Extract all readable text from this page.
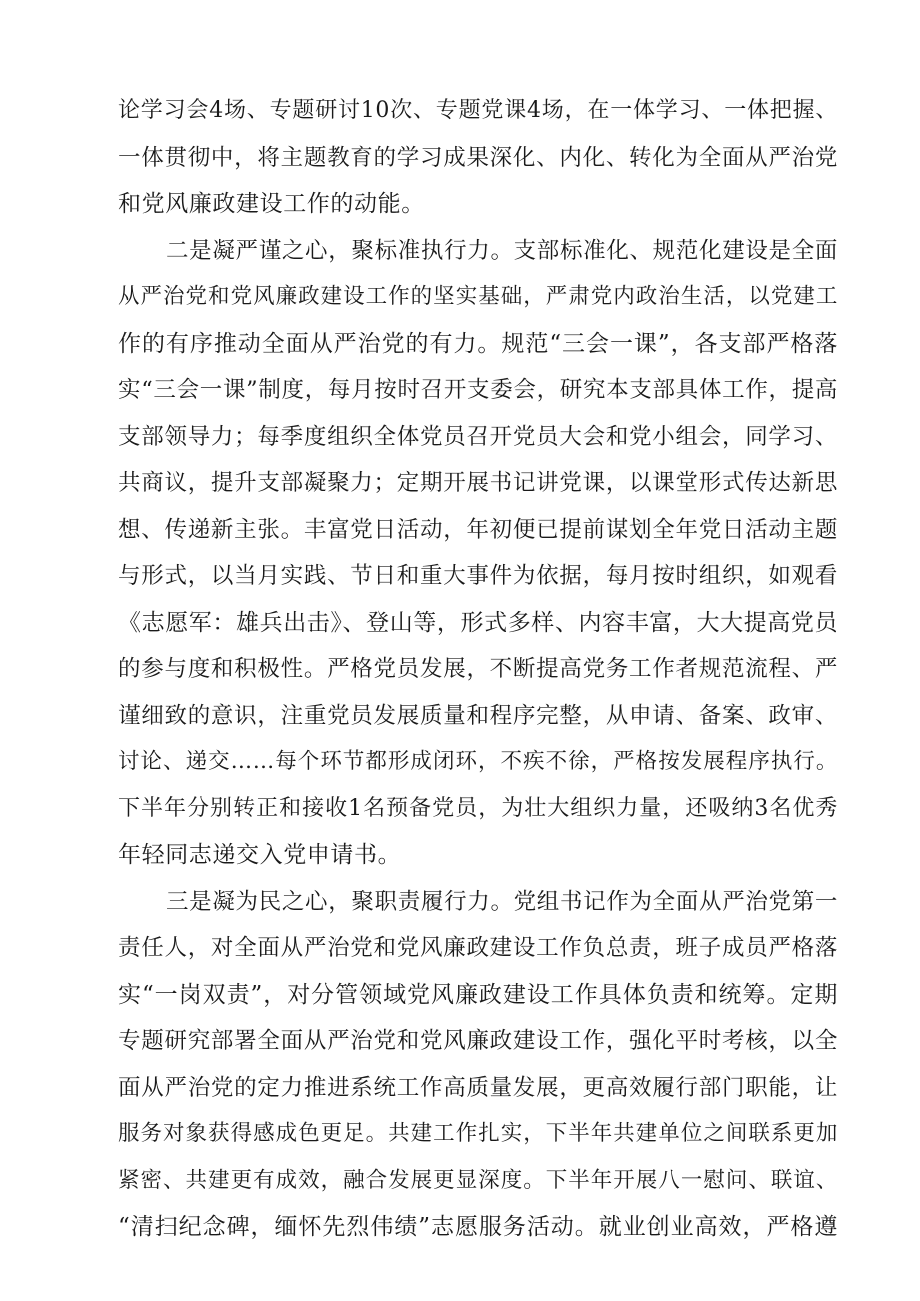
论学习会4场、专题研讨10次、专题党课4场，在一体学习、一体把握、
一体贯彻中，将主题教育的学习成果深化、内化、转化为全面从严治党
和党风廉政建设工作的动能。
二是凝严谨之心，聚标准执行力。支部标准化、规范化建设是全面
从严治党和党风廉政建设工作的坚实基础，严肃党内政治生活，以党建工
作的有序推动全面从严治党的有力。规范“三会一课”，各支部严格落
实“三会一课”制度，每月按时召开支委会，研究本支部具体工作，提高
支部领导力；每季度组织全体党员召开党员大会和党小组会，同学习、
共商议，提升支部凝聚力；定期开展书记讲党课，以课堂形式传达新思
想、传递新主张。丰富党日活动，年初便已提前谋划全年党日活动主题
与形式，以当月实践、节日和重大事件为依据，每月按时组织，如观看
《志愿军：雄兵出击》、登山等，形式多样、内容丰富，大大提高党员
的参与度和积极性。严格党员发展，不断提高党务工作者规范流程、严
谨细致的意识，注重党员发展质量和程序完整，从申请、备案、政审、
讨论、递交……每个环节都形成闭环，不疾不徐，严格按发展程序执行。
下半年分别转正和接收1名预备党员，为壮大组织力量，还吸纳3名优秀
年轻同志递交入党申请书。
三是凝为民之心，聚职责履行力。党组书记作为全面从严治党第一
责任人，对全面从严治党和党风廉政建设工作负总责，班子成员严格落
实“一岗双责”，对分管领域党风廉政建设工作具体负责和统筹。定期
专题研究部署全面从严治党和党风廉政建设工作，强化平时考核，以全
面从严治党的定力推进系统工作高质量发展，更高效履行部门职能，让
服务对象获得感成色更足。共建工作扎实，下半年共建单位之间联系更加
紧密、共建更有成效，融合发展更显深度。下半年开展八一慰问、联谊、
“清扫纪念碑，缅怀先烈伟绩”志愿服务活动。就业创业高效，严格遵
